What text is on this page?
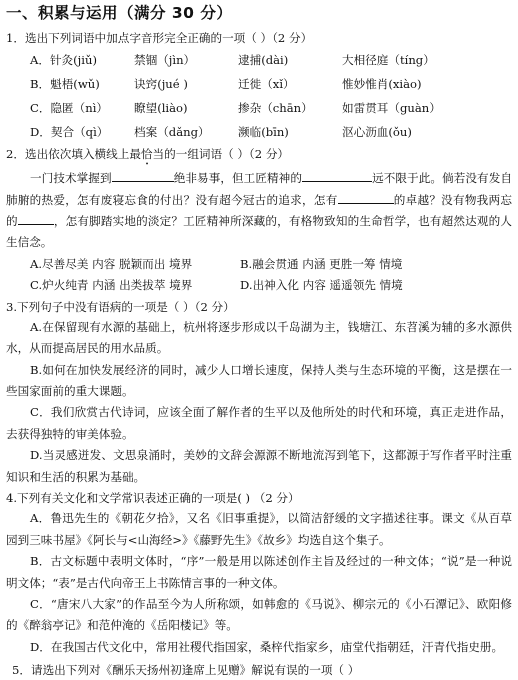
一、积累与运用（满分 30 分）

1．选出下列词语中加点字音形完全正确的一项（ ）（2 分）

A．针灸(jiǔ)	禁锢（jìn）	逮捕(dài)	大相径庭（tíng）
B．魁梧(wǔ)	诀窍(jué )	迁徙（xǐ）	惟妙惟肖(xiào)
C．隐匿（nì） 瞭望(liào)	掺杂（chān）	如雷贯耳（guàn）
D．契合（qì） 档案（dǎng） 濒临(bīn)	沤心沥血(ǒu)

2．选出依次填入横线上最恰当的一组词语（ ）（2 分）

一门技术掌握到	绝非易事，但工匠精神的	远不限于此。倘若没有发自肺腑的热爱，怎有废寝忘食的付出？没有超今冠古的追求，怎有	的卓越？没有物我两忘的	，怎有脚踏实地的淡定？工匠精神所深藏的，有格物致知的生命哲学，也有超然达观的人生信念。

A.尽善尽美 内容 脱颖而出 境界	B.融会贯通 内涵 更胜一筹 情境
C.炉火纯青 内涵 出类拔萃 境界	D.出神入化 内容 遥遥领先 情境

3.下列句子中没有语病的一项是（ ）（2 分）

A.在保留现有水源的基础上，杭州将逐步形成以千岛湖为主，钱塘江、东苕溪为辅的多水源供水，从而提高居民的用水品质。

B.如何在加快发展经济的同时，减少人口增长速度，保持人类与生态环境的平衡，这是摆在一些国家面前的重大课题。

C．我们欣赏古代诗词，应该全面了解作者的生平以及他所处的时代和环境，真正走进作品，去获得独特的审美体验。

D.当灵感迸发、文思泉涌时，美妙的文辞会源源不断地流泻到笔下，这都源于写作者平时注重知识和生活的积累为基础。

4.下列有关文化和文学常识表述正确的一项是( ) （2 分）

A．鲁迅先生的《朝花夕拾》，又名《旧事重提》，以简洁舒缓的文字描述往事。课文《从百草园到三味书屋》《阿长与<山海经>》《藤野先生》《故乡》均选自这个集子。

B．古文标题中表明文体时，“序”一般是用以陈述创作主旨及经过的一种文体；“说”是一种说明文体；“表”是古代向帝王上书陈情言事的一种文体。

C．“唐宋八大家”的作品至今为人所称颂，如韩愈的《马说》、柳宗元的《小石潭记》、欧阳修的《醉翁亭记》和范仲淹的《岳阳楼记》等。

D．在我国古代文化中，常用社稷代指国家，桑梓代指家乡，庙堂代指朝廷，汗青代指史册。

5．请选出下列对《酬乐天扬州初逢席上见赠》解说有误的一项（ ）
